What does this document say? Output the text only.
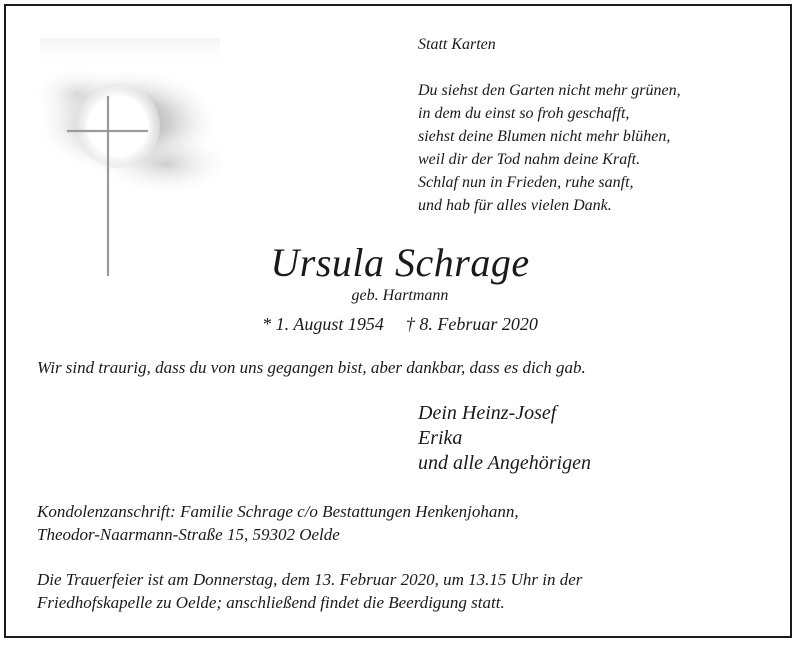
Statt Karten
Du siehst den Garten nicht mehr grünen,
in dem du einst so froh geschafft,
siehst deine Blumen nicht mehr blühen,
weil dir der Tod nahm deine Kraft.
Schlaf nun in Frieden, ruhe sanft,
und hab für alles vielen Dank.
Ursula Schrage
geb. Hartmann
* 1. August 1954 † 8. Februar 2020
Wir sind traurig, dass du von uns gegangen bist, aber dankbar, dass es dich gab.
Dein Heinz-Josef
Erika
und alle Angehörigen
Kondolenzanschrift: Familie Schrage c/o Bestattungen Henkenjohann,
Theodor-Naarmann-Straße 15, 59302 Oelde
Die Trauerfeier ist am Donnerstag, dem 13. Februar 2020, um 13.15 Uhr in der
Friedhofskapelle zu Oelde; anschließend findet die Beerdigung statt.
